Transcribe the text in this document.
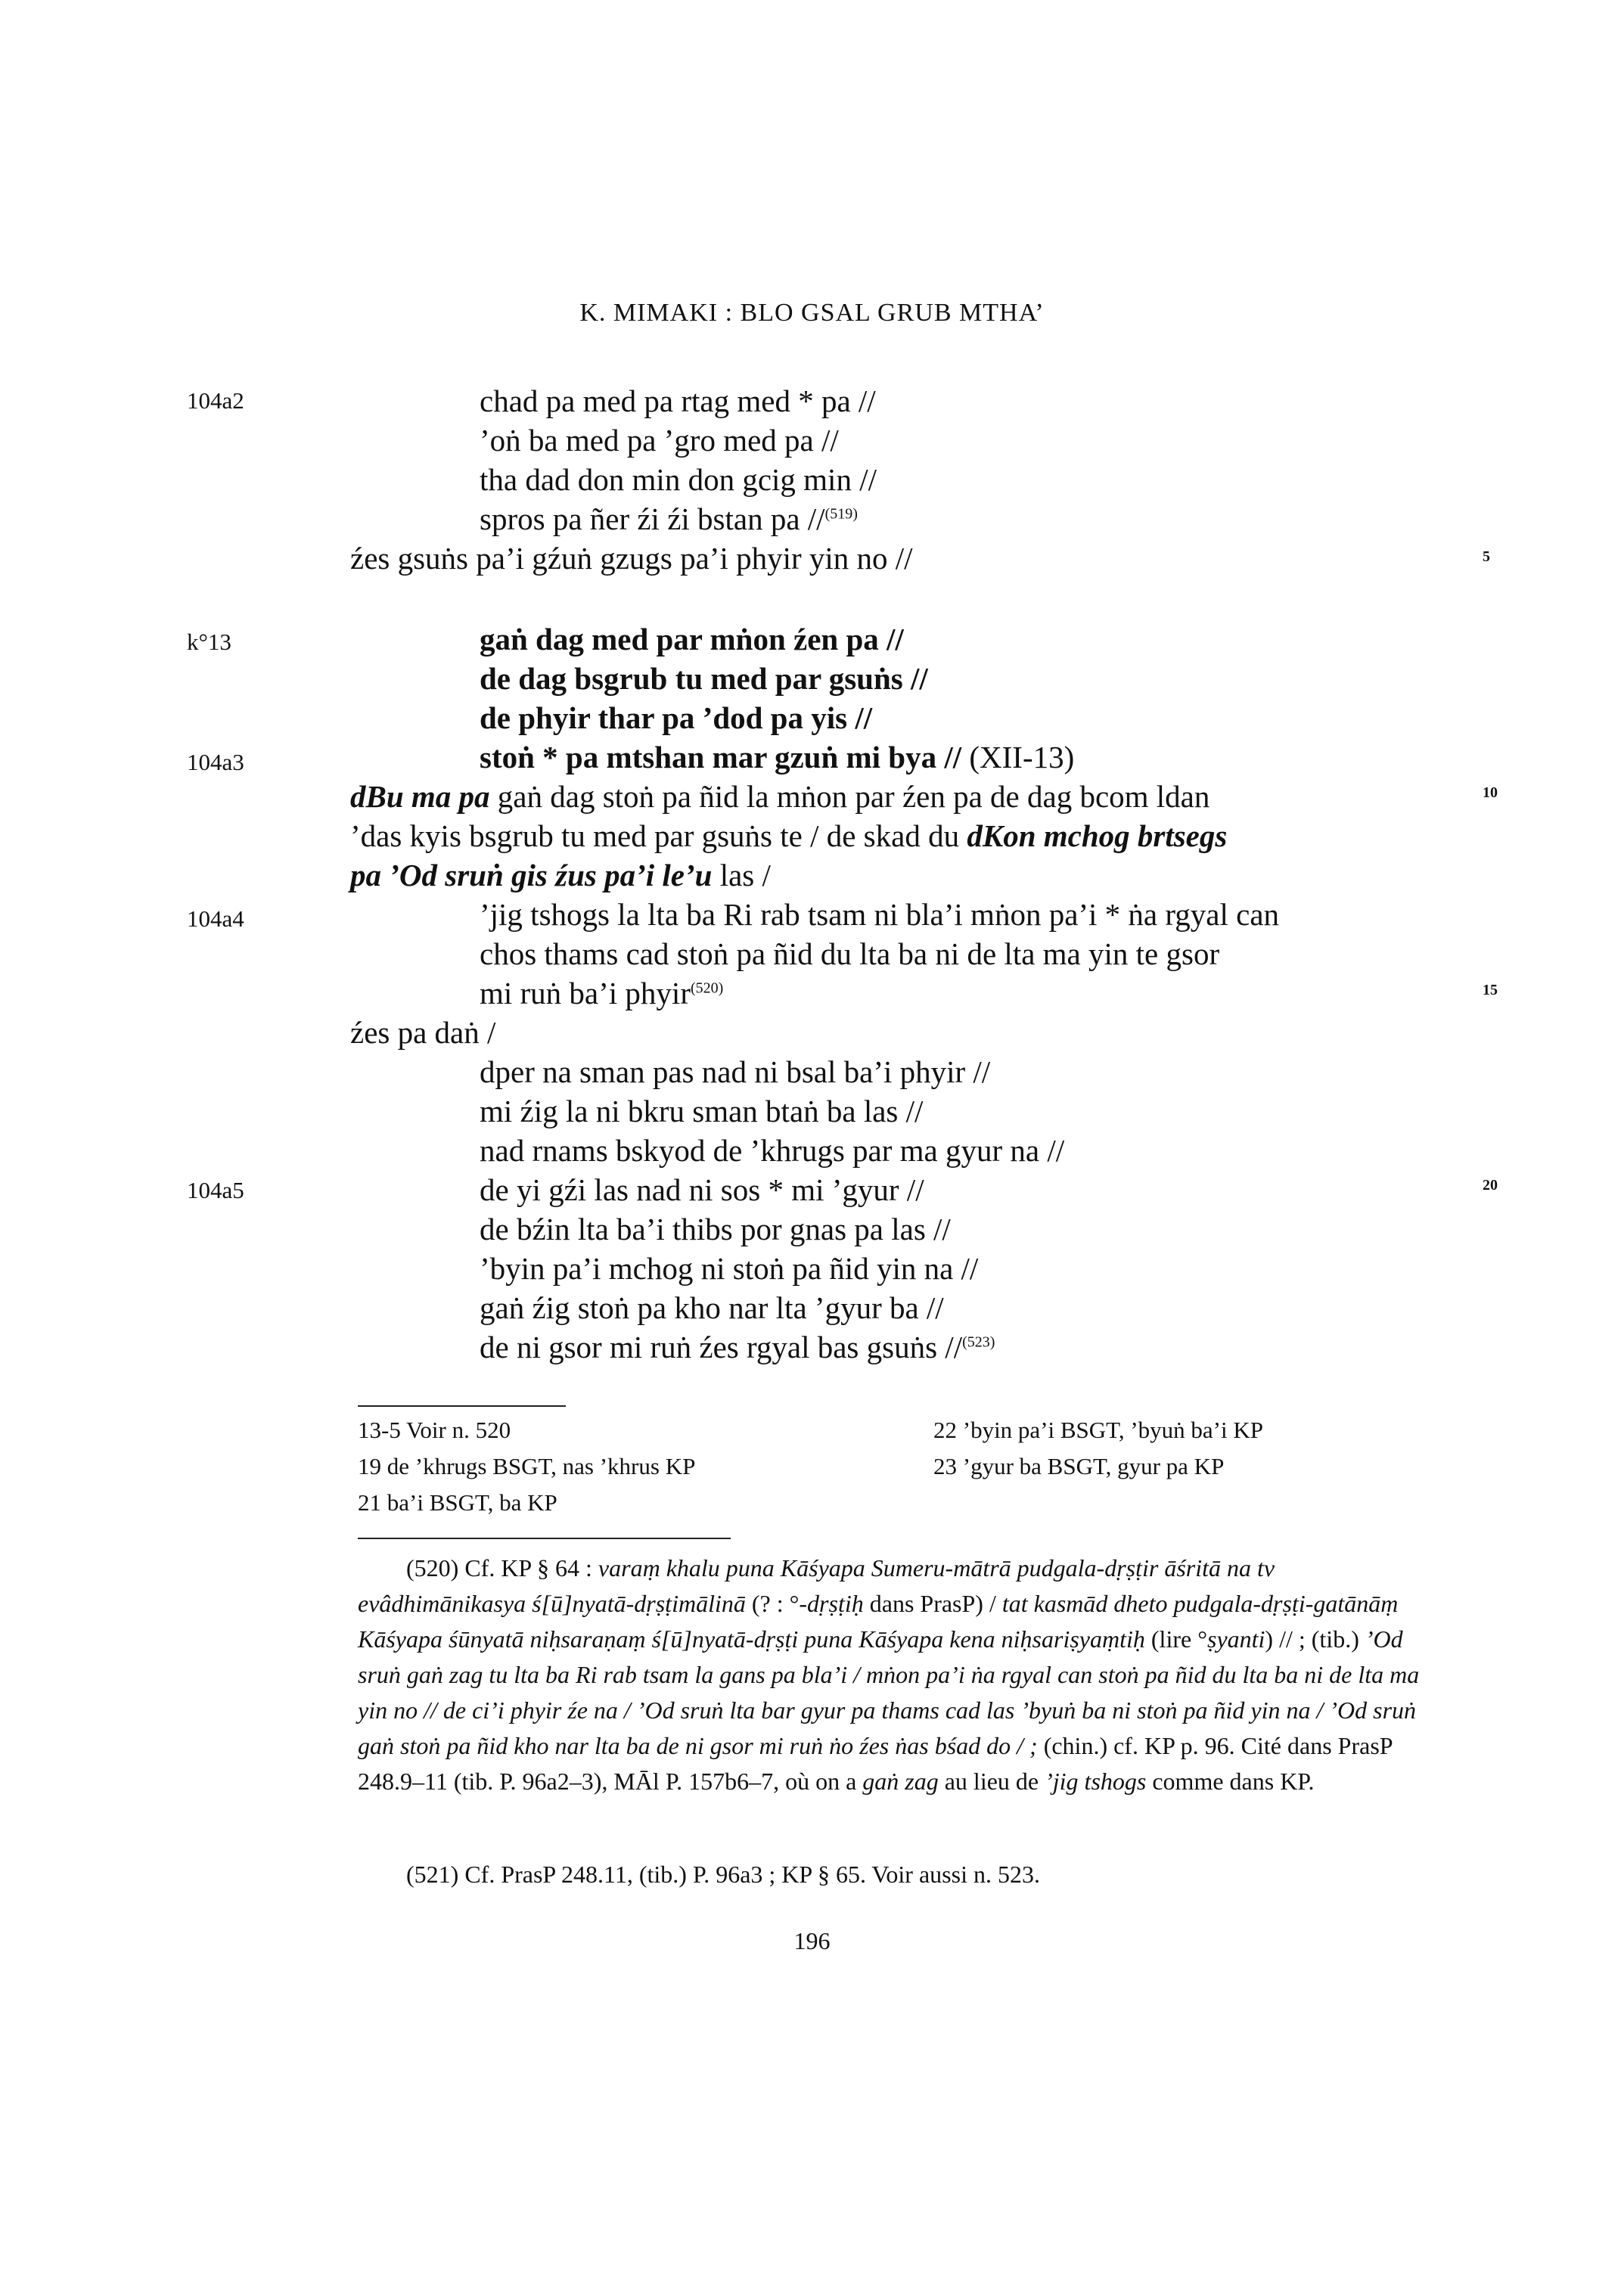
K. MIMAKI : BLO GSAL GRUB MTHA’
104a2
k°13
104a3
104a4
104a5
5
10
15
20
chad pa med pa rtag med * pa //
’oṅ ba med pa ’gro med pa //
tha dad don min don gcig min //
spros pa ñer źi źi bstan pa //$^{(519)}$
źes gsuṅs pa’i gźuṅ gzugs pa’i phyir yin no //
gaṅ dag med par mṅon źen pa //
de dag bsgrub tu med par gsuṅs //
de phyir thar pa ’dod pa yis //
stoṅ * pa mtshan mar gzuṅ mi bya // (XII-13)
dBu ma pa gaṅ dag stoṅ pa ñid la mṅon par źen pa de dag bcom ldan
’das kyis bsgrub tu med par gsuṅs te / de skad du dKon mchog brtsegs
pa ’Od sruṅ gis źus pa’i le’u las /
’jig tshogs la lta ba Ri rab tsam ni bla’i mṅon pa’i * ṅa rgyal can
chos thams cad stoṅ pa ñid du lta ba ni de lta ma yin te gsor
mi ruṅ ba’i phyir$^{(520)}$
źes pa daṅ /
dper na sman pas nad ni bsal ba’i phyir //
mi źig la ni bkru sman btaṅ ba las //
nad rnams bskyod de ’khrugs par ma gyur na //
de yi gźi las nad ni sos * mi ’gyur //
de bźin lta ba’i thibs por gnas pa las //
’byin pa’i mchog ni stoṅ pa ñid yin na //
gaṅ źig stoṅ pa kho nar lta ’gyur ba //
de ni gsor mi ruṅ źes rgyal bas gsuṅs //$^{(523)}$
13-5 Voir n. 520
19 de ’khrugs BSGT, nas ’khrus KP
21 ba’i BSGT, ba KP
22 ’byin pa’i BSGT, ’byuṅ ba’i KP
23 ’gyur ba BSGT, gyur pa KP
(520) Cf. KP § 64 : varaṃ khalu puna Kāśyapa Sumeru-mātrā pudgala-dṛṣṭir āśritā na tv evâdhimānikasya ś[ū]nyatā-dṛṣṭimālinā (? : °-dṛṣṭiḥ dans PrasP) / tat kasmād dheto pudgala-dṛṣṭi-gatānāṃ Kāśyapa śūnyatā niḥsaraṇaṃ ś[ū]nyatā-dṛṣṭi puna Kāśyapa kena niḥsariṣyaṃtiḥ (lire °ṣyanti) // ; (tib.) ’Od sruṅ gaṅ zag tu lta ba Ri rab tsam la gans pa bla’i / mṅon pa’i ṅa rgyal can stoṅ pa ñid du lta ba ni de lta ma yin no // de ci’i phyir źe na / ’Od sruṅ lta bar gyur pa thams cad las ’byuṅ ba ni stoṅ pa ñid yin na / ’Od sruṅ gaṅ stoṅ pa ñid kho nar lta ba de ni gsor mi ruṅ ṅo źes ṅas bśad do / ; (chin.) cf. KP p. 96. Cité dans PrasP 248.9–11 (tib. P. 96a2–3), MĀl P. 157b6–7, où on a gaṅ zag au lieu de ’jig tshogs comme dans KP.
(521) Cf. PrasP 248.11, (tib.) P. 96a3 ; KP § 65. Voir aussi n. 523.
196
